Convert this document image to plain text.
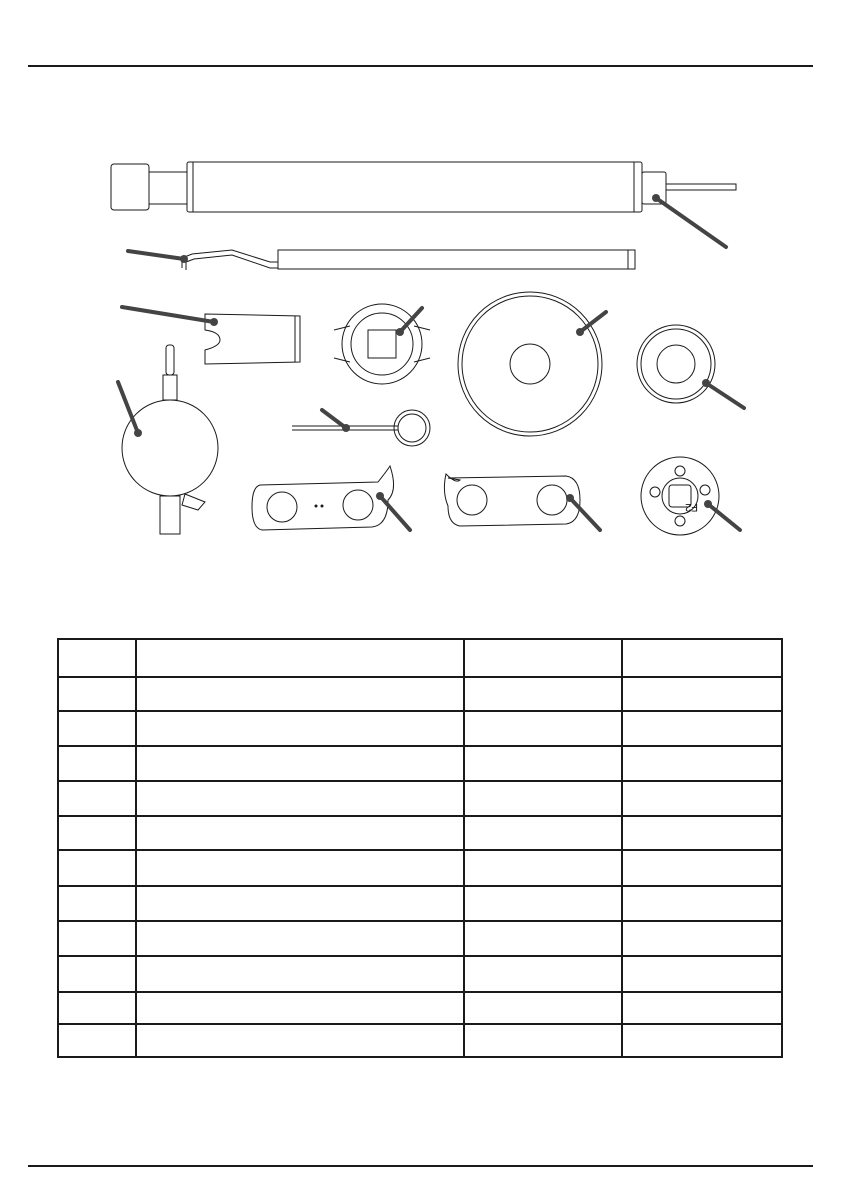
F2
